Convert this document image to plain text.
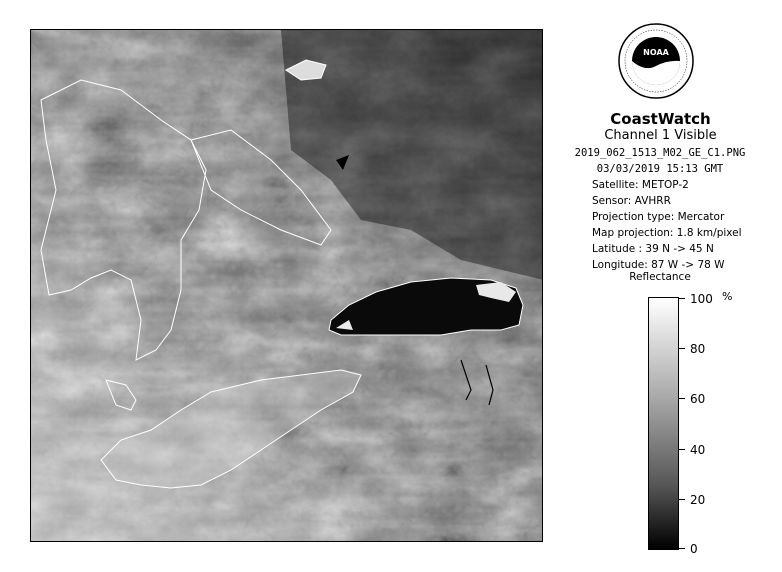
NOAA
CoastWatch
Channel 1 Visible
2019_062_1513_M02_GE_C1.PNG
03/03/2019 15:13 GMT
Satellite: METOP-2
Sensor: AVHRR
Projection type: Mercator
Map projection: 1.8 km/pixel
Latitude : 39 N -> 45 N
Longitude: 87 W -> 78 W
Reflectance
%
100
80
60
40
20
0
